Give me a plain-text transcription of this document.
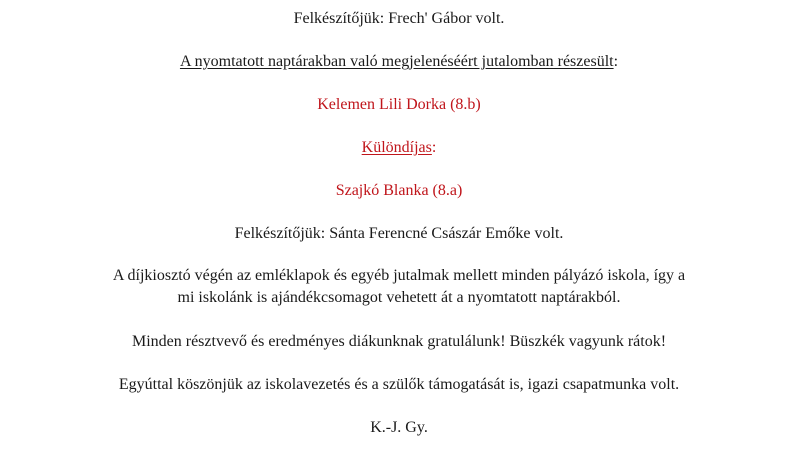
Felkészítőjük: Frech' Gábor volt.
A nyomtatott naptárakban való megjelenéséért jutalomban részesült:
Kelemen Lili Dorka (8.b)
Különdíjas:
Szajkó Blanka (8.a)
Felkészítőjük: Sánta Ferencné Császár Emőke volt.
A díjkiosztó végén az emléklapok és egyéb jutalmak mellett minden pályázó iskola, így a
mi iskolánk is ajándékcsomagot vehetett át a nyomtatott naptárakból.
Minden résztvevő és eredményes diákunknak gratulálunk! Büszkék vagyunk rátok!
Egyúttal köszönjük az iskolavezetés és a szülők támogatását is, igazi csapatmunka volt.
K.-J. Gy.
